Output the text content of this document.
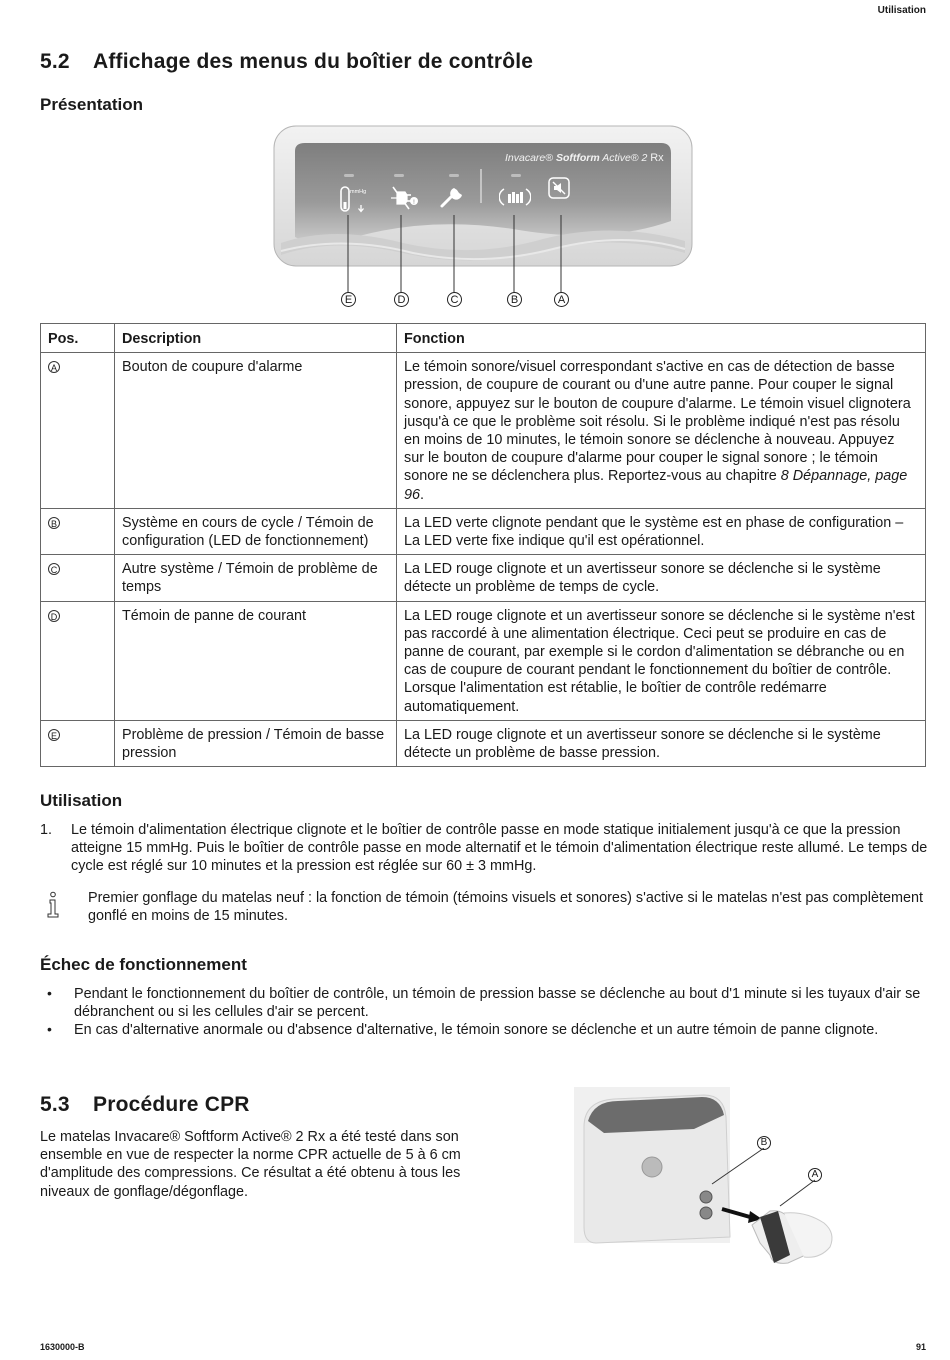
Utilisation
5.2 Affichage des menus du boîtier de contrôle
Présentation
Invacare® Softform Active® 2 Rx
mmHg
!
E	D	C	B	A
Pos.	Description	Fonction
A	Bouton de coupure d'alarme	Le témoin sonore/visuel correspondant s'active en cas de détection de basse pression, de coupure de courant ou d'une autre panne. Pour couper le signal sonore, appuyez sur le bouton de coupure d'alarme. Le témoin visuel clignotera jusqu'à ce que le problème soit résolu. Si le problème indiqué n'est pas résolu en moins de 10 minutes, le témoin sonore se déclenche à nouveau. Appuyez sur le bouton de coupure d'alarme pour couper le signal sonore ; le témoin sonore ne se déclenchera plus. Reportez-vous au chapitre 8 Dépannage, page 96.
B	Système en cours de cycle / Témoin de configuration (LED de fonctionnement)	La LED verte clignote pendant que le système est en phase de configuration – La LED verte fixe indique qu'il est opérationnel.
C	Autre système / Témoin de problème de temps	La LED rouge clignote et un avertisseur sonore se déclenche si le système détecte un problème de temps de cycle.
D	Témoin de panne de courant	La LED rouge clignote et un avertisseur sonore se déclenche si le système n'est pas raccordé à une alimentation électrique. Ceci peut se produire en cas de panne de courant, par exemple si le cordon d'alimentation se débranche ou en cas de coupure de courant pendant le fonctionnement du boîtier de contrôle. Lorsque l'alimentation est rétablie, le boîtier de contrôle redémarre automatiquement.
E	Problème de pression / Témoin de basse pression	La LED rouge clignote et un avertisseur sonore se déclenche si le système détecte un problème de basse pression.
Utilisation
1. Le témoin d'alimentation électrique clignote et le boîtier de contrôle passe en mode statique initialement jusqu'à ce que la pression atteigne 15 mmHg. Puis le boîtier de contrôle passe en mode alternatif et le témoin d'alimentation électrique reste allumé. Le temps de cycle est réglé sur 10 minutes et la pression est réglée sur 60 ± 3 mmHg.
Premier gonflage du matelas neuf : la fonction de témoin (témoins visuels et sonores) s'active si le matelas n'est pas complètement gonflé en moins de 15 minutes.
Échec de fonctionnement
• Pendant le fonctionnement du boîtier de contrôle, un témoin de pression basse se déclenche au bout d'1 minute si les tuyaux d'air se débranchent ou si les cellules d'air se percent.
• En cas d'alternative anormale ou d'absence d'alternative, le témoin sonore se déclenche et un autre témoin de panne clignote.
5.3 Procédure CPR
Le matelas Invacare® Softform Active® 2 Rx a été testé dans son ensemble en vue de respecter la norme CPR actuelle de 5 à 6 cm d'amplitude des compressions. Ce résultat a été obtenu à tous les niveaux de gonflage/dégonflage.
B
A
1630000-B	91
